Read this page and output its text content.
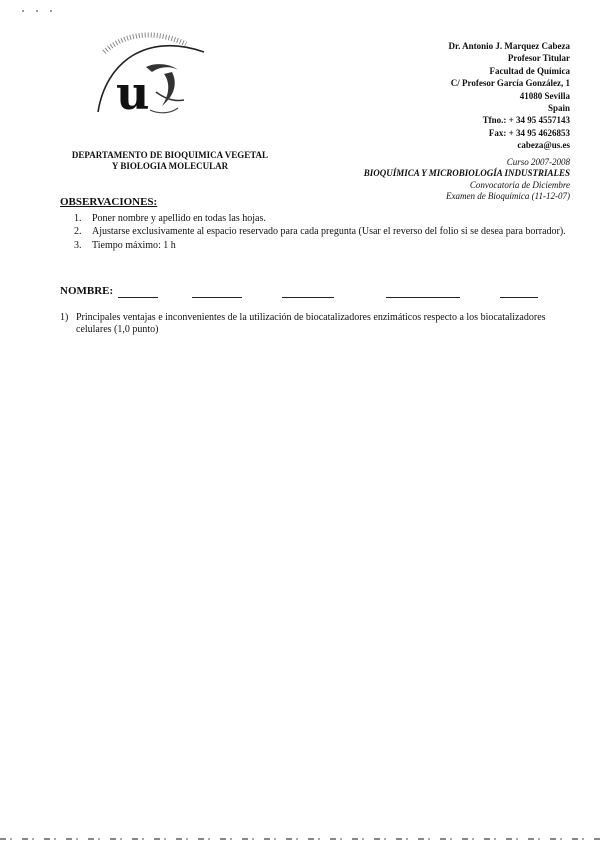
u
Dr. Antonio J. Marquez Cabeza
Profesor Titular
Facultad de Química
C/ Profesor García González, 1
41080 Sevilla
Spain
Tfno.: + 34 95 4557143
Fax: + 34 95 4626853
cabeza@us.es
DEPARTAMENTO DE BIOQUIMICA VEGETAL
Y BIOLOGIA MOLECULAR	Curso 2007-2008
BIOQUÍMICA Y MICROBIOLOGÍA INDUSTRIALES
Convocatoria de Diciembre
Examen de Bioquímica (11-12-07)
OBSERVACIONES:
1.	Poner nombre y apellido en todas las hojas.
2.	Ajustarse exclusivamente al espacio reservado para cada pregunta (Usar el reverso del folio si se desea para borrador).
3.	Tiempo máximo: 1 h
NOMBRE:
1) Principales ventajas e inconvenientes de la utilización de biocatalizadores enzimáticos respecto a los biocatalizadores celulares (1,0 punto)
